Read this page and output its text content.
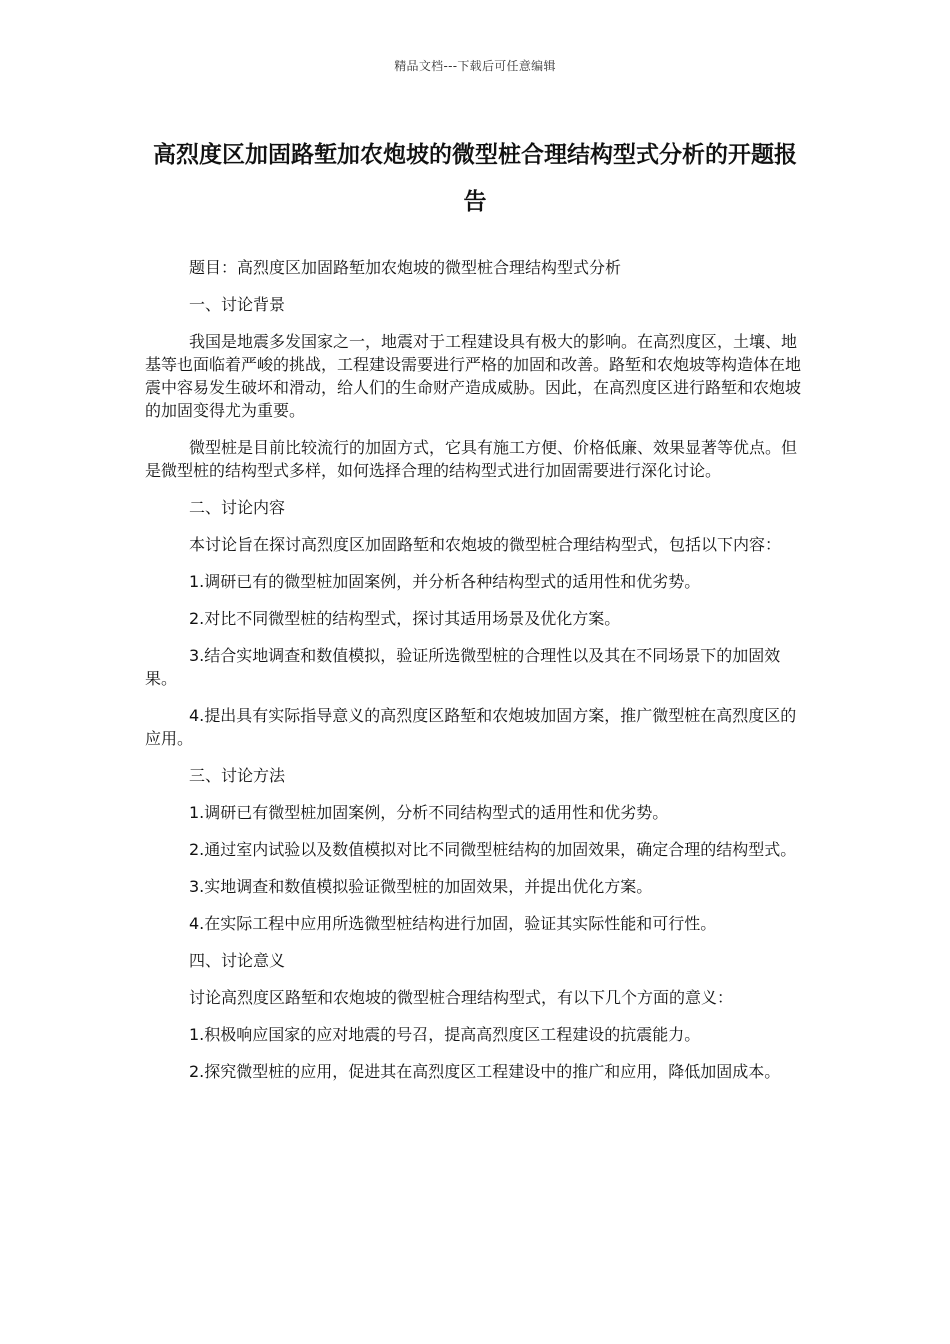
精品文档---下载后可任意编辑
高烈度区加固路堑加农炮坡的微型桩合理结构型式分析的开题报告

题目：高烈度区加固路堑加农炮坡的微型桩合理结构型式分析

一、讨论背景

我国是地震多发国家之一，地震对于工程建设具有极大的影响。在高烈度区，土壤、地基等也面临着严峻的挑战，工程建设需要进行严格的加固和改善。路堑和农炮坡等构造体在地震中容易发生破坏和滑动，给人们的生命财产造成威胁。因此，在高烈度区进行路堑和农炮坡的加固变得尤为重要。

微型桩是目前比较流行的加固方式，它具有施工方便、价格低廉、效果显著等优点。但是微型桩的结构型式多样，如何选择合理的结构型式进行加固需要进行深化讨论。

二、讨论内容

本讨论旨在探讨高烈度区加固路堑和农炮坡的微型桩合理结构型式，包括以下内容：

1.调研已有的微型桩加固案例，并分析各种结构型式的适用性和优劣势。

2.对比不同微型桩的结构型式，探讨其适用场景及优化方案。

3.结合实地调查和数值模拟，验证所选微型桩的合理性以及其在不同场景下的加固效果。

4.提出具有实际指导意义的高烈度区路堑和农炮坡加固方案，推广微型桩在高烈度区的应用。

三、讨论方法

1.调研已有微型桩加固案例，分析不同结构型式的适用性和优劣势。

2.通过室内试验以及数值模拟对比不同微型桩结构的加固效果，确定合理的结构型式。

3.实地调查和数值模拟验证微型桩的加固效果，并提出优化方案。

4.在实际工程中应用所选微型桩结构进行加固，验证其实际性能和可行性。

四、讨论意义

讨论高烈度区路堑和农炮坡的微型桩合理结构型式，有以下几个方面的意义：

1.积极响应国家的应对地震的号召，提高高烈度区工程建设的抗震能力。

2.探究微型桩的应用，促进其在高烈度区工程建设中的推广和应用，降低加固成本。
